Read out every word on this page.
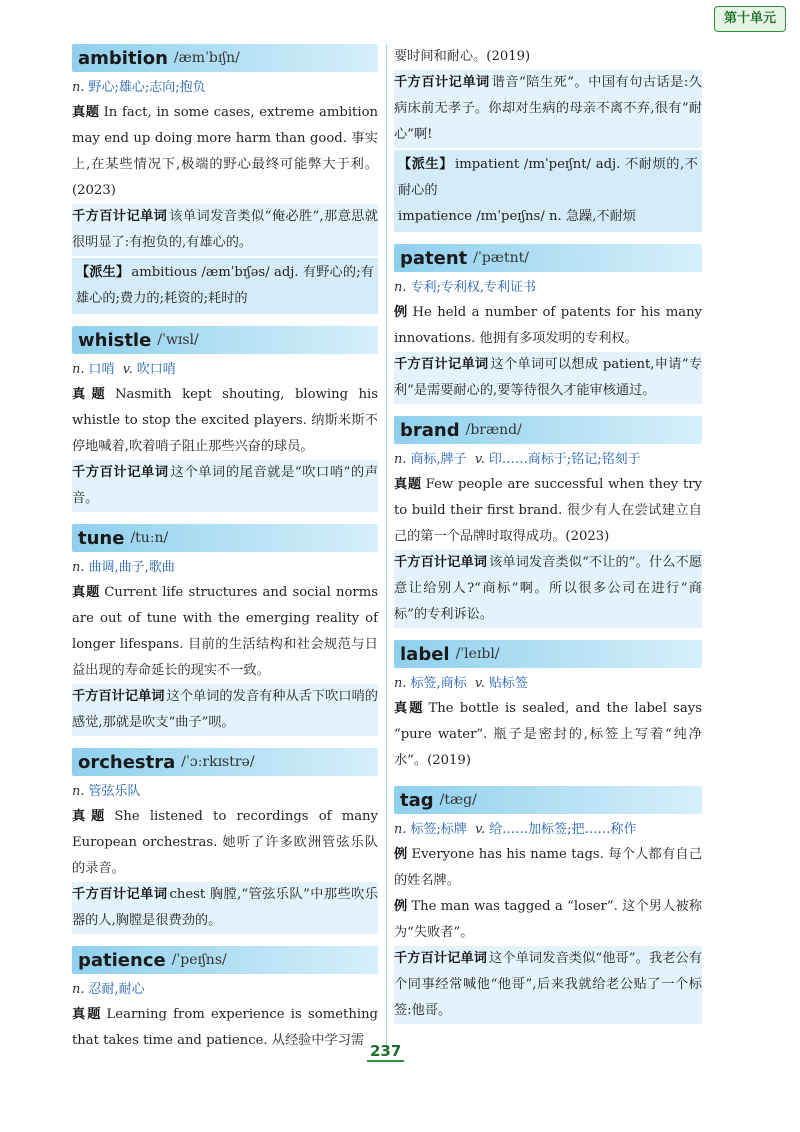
第十单元
ambition /æmˈbɪʃn/

n. 野心;雄心;志向;抱负

真题 In fact, in some cases, extreme ambition may end up doing more harm than good. 事实上,在某些情况下,极端的野心最终可能弊大于利。(2023)

千方百计记单词 该单词发音类似“俺必胜”,那意思就很明显了:有抱负的,有雄心的。

【派生】 ambitious /æmˈbɪʃəs/ adj. 有野心的;有雄心的;费力的;耗资的;耗时的

whistle /ˈwɪsl/

n. 口哨 v. 吹口哨

真题 Nasmith kept shouting, blowing his whistle to stop the excited players. 纳斯米斯不停地喊着,吹着哨子阻止那些兴奋的球员。

千方百计记单词 这个单词的尾音就是“吹口哨”的声音。

tune /tuːn/

n. 曲调,曲子,歌曲

真题 Current life structures and social norms are out of tune with the emerging reality of longer lifespans. 目前的生活结构和社会规范与日益出现的寿命延长的现实不一致。

千方百计记单词 这个单词的发音有种从舌下吹口哨的感觉,那就是吹支“曲子”呗。

orchestra /ˈɔːrkɪstrə/

n. 管弦乐队

真题 She listened to recordings of many European orchestras. 她听了许多欧洲管弦乐队的录音。

千方百计记单词 chest 胸膛,“管弦乐队”中那些吹乐器的人,胸膛是很费劲的。

patience /ˈpeɪʃns/

n. 忍耐,耐心

真题 Learning from experience is something that takes time and patience. 从经验中学习需

要时间和耐心。(2019)

千方百计记单词 谐音“陪生死”。中国有句古话是:久病床前无孝子。你却对生病的母亲不离不弃,很有“耐心”啊!

【派生】 impatient /ɪmˈpeɪʃnt/ adj. 不耐烦的,不耐心的
impatience /ɪmˈpeɪʃns/ n. 急躁,不耐烦

patent /ˈpætnt/

n. 专利;专利权,专利证书

例 He held a number of patents for his many innovations. 他拥有多项发明的专利权。

千方百计记单词 这个单词可以想成 patient,申请“专利”是需要耐心的,要等待很久才能审核通过。

brand /brænd/

n. 商标,牌子 v. 印……商标于;铭记;铭刻于

真题 Few people are successful when they try to build their first brand. 很少有人在尝试建立自己的第一个品牌时取得成功。(2023)

千方百计记单词 该单词发音类似“不让的”。什么不愿意让给别人?“商标”啊。所以很多公司在进行“商标”的专利诉讼。

label /ˈleɪbl/

n. 标签,商标 v. 贴标签

真题 The bottle is sealed, and the label says “pure water”. 瓶子是密封的,标签上写着“纯净水”。(2019)

tag /tæg/

n. 标签;标牌 v. 给……加标签;把……称作

例 Everyone has his name tags. 每个人都有自己的姓名牌。

例 The man was tagged a “loser”. 这个男人被称为“失败者”。

千方百计记单词 这个单词发音类似“他哥”。我老公有个同事经常喊他“他哥”,后来我就给老公贴了一个标签:他哥。

237
